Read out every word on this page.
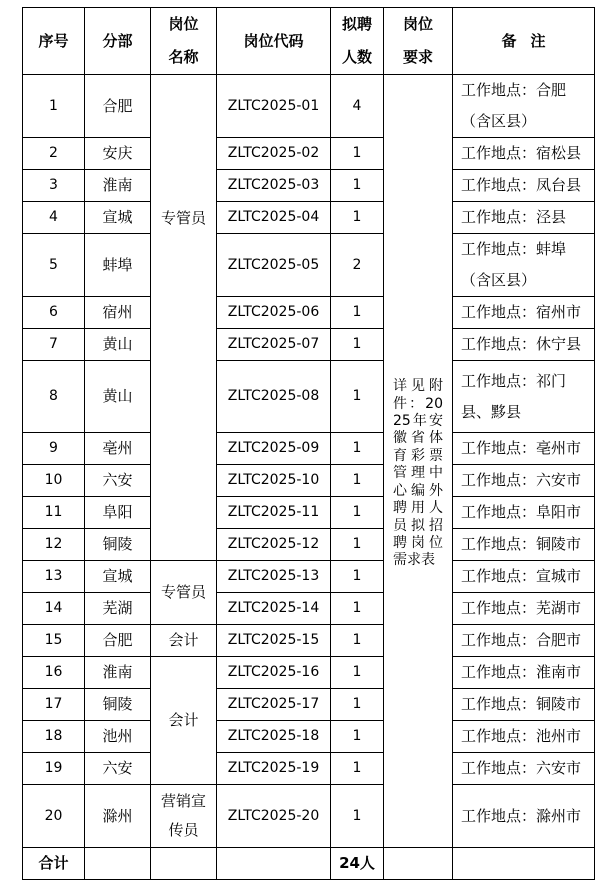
序号	分部	岗位名称	岗位代码	拟聘人数	岗位要求	备注
1	合肥	专管员	ZLTC2025-01	4	详见附件：2025年安徽省体育彩票管理中心编外聘用人员拟招聘岗位需求表	工作地点：合肥（含区县）
2	安庆		ZLTC2025-02	1		工作地点：宿松县
3	淮南		ZLTC2025-03	1		工作地点：凤台县
4	宣城		ZLTC2025-04	1		工作地点：泾县
5	蚌埠		ZLTC2025-05	2		工作地点：蚌埠（含区县）
6	宿州		ZLTC2025-06	1		工作地点：宿州市
7	黄山		ZLTC2025-07	1		工作地点：休宁县
8	黄山		ZLTC2025-08	1		工作地点：祁门县、黟县
9	亳州		ZLTC2025-09	1		工作地点：亳州市
10	六安		ZLTC2025-10	1		工作地点：六安市
11	阜阳		ZLTC2025-11	1		工作地点：阜阳市
12	铜陵		ZLTC2025-12	1		工作地点：铜陵市
13	宣城	专管员	ZLTC2025-13	1		工作地点：宣城市
14	芜湖		ZLTC2025-14	1		工作地点：芜湖市
15	合肥	会计	ZLTC2025-15	1		工作地点：合肥市
16	淮南	会计	ZLTC2025-16	1		工作地点：淮南市
17	铜陵		ZLTC2025-17	1		工作地点：铜陵市
18	池州		ZLTC2025-18	1		工作地点：池州市
19	六安		ZLTC2025-19	1		工作地点：六安市
20	滁州	营销宣传员	ZLTC2025-20	1		工作地点：滁州市
合计				24人		
